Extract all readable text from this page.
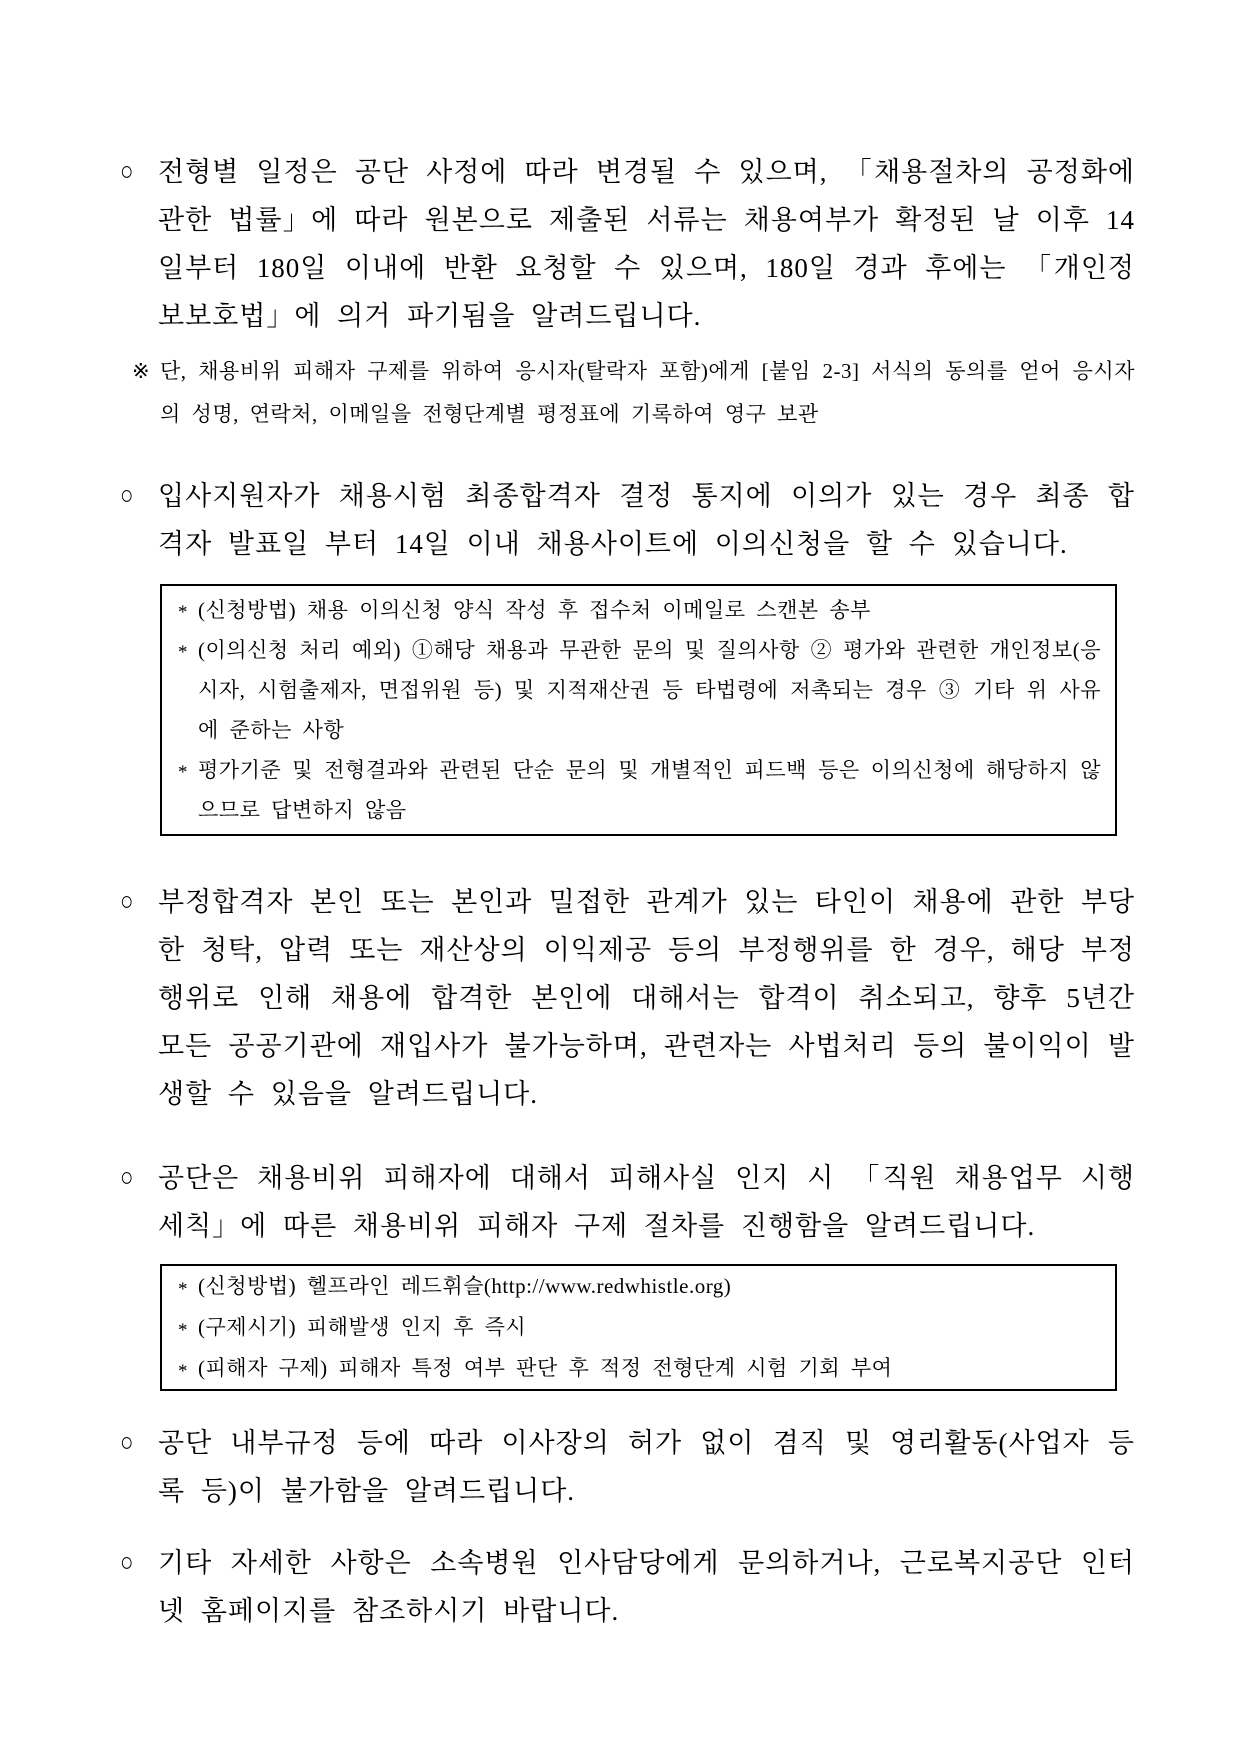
○ 전형별 일정은 공단 사정에 따라 변경될 수 있으며, 「채용절차의 공정화에 관한 법률」에 따라 원본으로 제출된 서류는 채용여부가 확정된 날 이후 14일부터 180일 이내에 반환 요청할 수 있으며, 180일 경과 후에는 「개인정보보호법」에 의거 파기됨을 알려드립니다.
※ 단, 채용비위 피해자 구제를 위하여 응시자(탈락자 포함)에게 [붙임 2-3] 서식의 동의를 얻어 응시자의 성명, 연락처, 이메일을 전형단계별 평정표에 기록하여 영구 보관
○ 입사지원자가 채용시험 최종합격자 결정 통지에 이의가 있는 경우 최종 합격자 발표일 부터 14일 이내 채용사이트에 이의신청을 할 수 있습니다.
* (신청방법) 채용 이의신청 양식 작성 후 접수처 이메일로 스캔본 송부
* (이의신청 처리 예외) ①해당 채용과 무관한 문의 및 질의사항 ② 평가와 관련한 개인정보(응시자, 시험출제자, 면접위원 등) 및 지적재산권 등 타법령에 저촉되는 경우 ③ 기타 위 사유에 준하는 사항
* 평가기준 및 전형결과와 관련된 단순 문의 및 개별적인 피드백 등은 이의신청에 해당하지 않으므로 답변하지 않음
○ 부정합격자 본인 또는 본인과 밀접한 관계가 있는 타인이 채용에 관한 부당한 청탁, 압력 또는 재산상의 이익제공 등의 부정행위를 한 경우, 해당 부정행위로 인해 채용에 합격한 본인에 대해서는 합격이 취소되고, 향후 5년간 모든 공공기관에 재입사가 불가능하며, 관련자는 사법처리 등의 불이익이 발생할 수 있음을 알려드립니다.
○ 공단은 채용비위 피해자에 대해서 피해사실 인지 시 「직원 채용업무 시행세칙」에 따른 채용비위 피해자 구제 절차를 진행함을 알려드립니다.
* (신청방법) 헬프라인 레드휘슬(http://www.redwhistle.org)
* (구제시기) 피해발생 인지 후 즉시
* (피해자 구제) 피해자 특정 여부 판단 후 적정 전형단계 시험 기회 부여
○ 공단 내부규정 등에 따라 이사장의 허가 없이 겸직 및 영리활동(사업자 등록 등)이 불가함을 알려드립니다.
○ 기타 자세한 사항은 소속병원 인사담당에게 문의하거나, 근로복지공단 인터넷 홈페이지를 참조하시기 바랍니다.
